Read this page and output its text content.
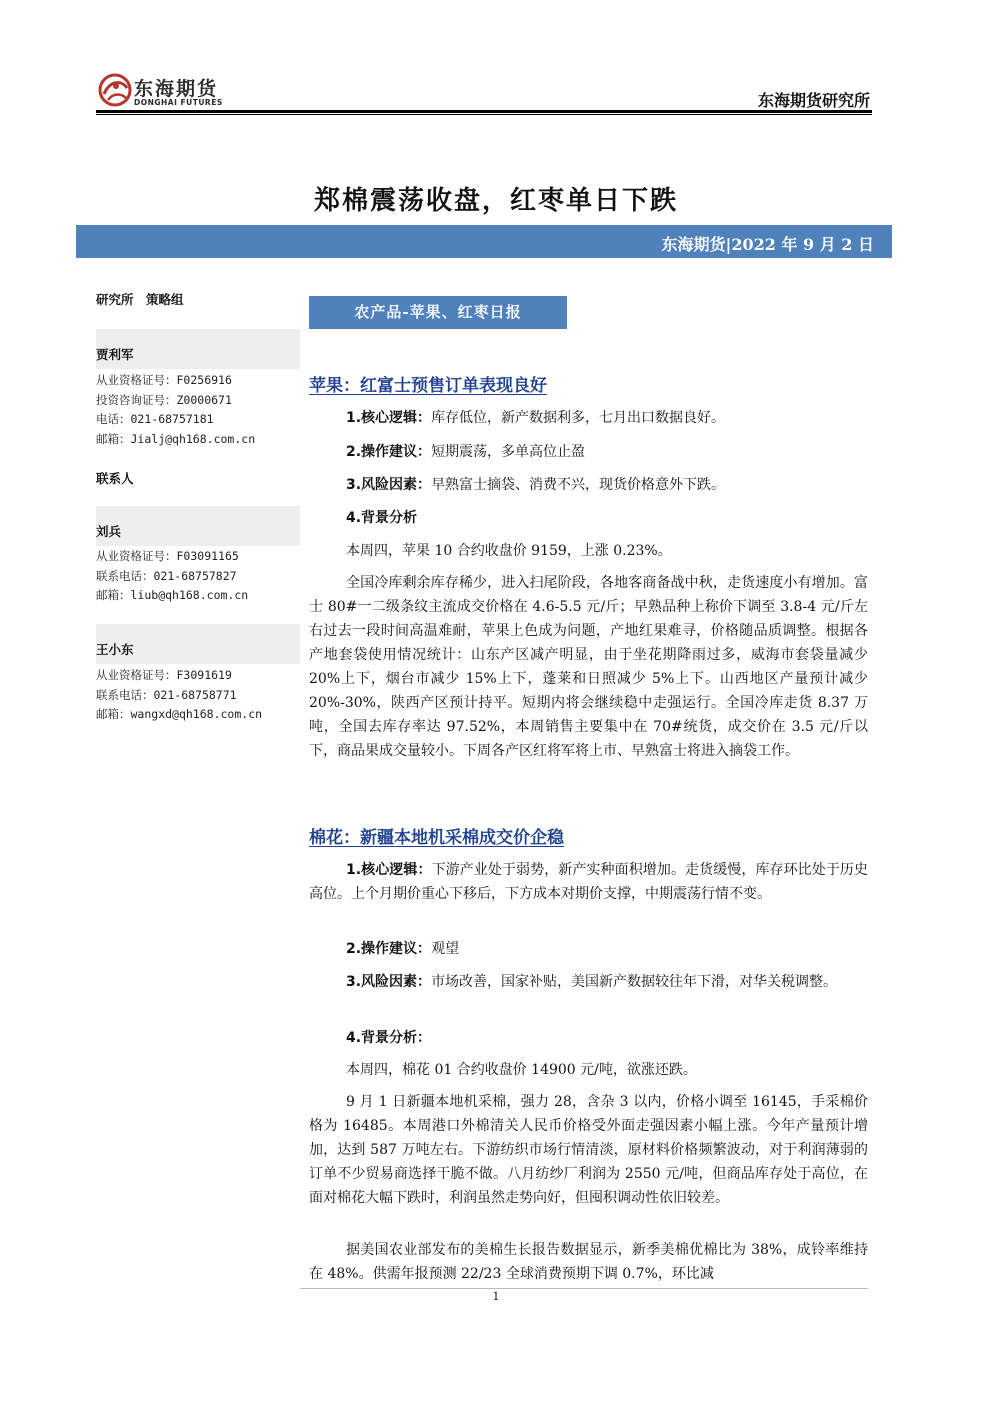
东海期货
DONGHAI FUTURES	东海期货研究所
郑棉震荡收盘，红枣单日下跌
东海期货|2022 年 9 月 2 日
研究所　策略组
贾利军
从业资格证号：F0256916
投资咨询证号：Z0000671
电话：021-68757181
邮箱：Jialj@qh168.com.cn
联系人
刘兵
从业资格证号：F03091165
联系电话：021-68757827
邮箱：liub@qh168.com.cn
王小东
从业资格证号：F3091619
联系电话：021-68758771
邮箱：wangxd@qh168.com.cn
农产品-苹果、红枣日报
苹果：红富士预售订单表现良好
1.核心逻辑：库存低位，新产数据利多，七月出口数据良好。
2.操作建议：短期震荡，多单高位止盈
3.风险因素：早熟富士摘袋、消费不兴，现货价格意外下跌。
4.背景分析
本周四，苹果 10 合约收盘价 9159，上涨 0.23%。
全国冷库剩余库存稀少，进入扫尾阶段，各地客商备战中秋，走货速度小有增加。富士 80#一二级条纹主流成交价格在 4.6-5.5 元/斤；早熟品种上称价下调至 3.8-4 元/斤左右过去一段时间高温难耐，苹果上色成为问题，产地红果难寻，价格随品质调整。根据各产地套袋使用情况统计：山东产区减产明显，由于坐花期降雨过多，威海市套袋量减少 20%上下，烟台市减少 15%上下，蓬莱和日照减少 5%上下。山西地区产量预计减少 20%-30%，陕西产区预计持平。短期内将会继续稳中走强运行。全国冷库走货 8.37 万吨，全国去库存率达 97.52%，本周销售主要集中在 70#统货，成交价在 3.5 元/斤以下，商品果成交量较小。下周各产区红将军将上市、早熟富士将进入摘袋工作。
棉花：新疆本地机采棉成交价企稳
1.核心逻辑：下游产业处于弱势，新产实种面积增加。走货缓慢，库存环比处于历史高位。上个月期价重心下移后，下方成本对期价支撑，中期震荡行情不变。
2.操作建议：观望
3.风险因素：市场改善，国家补贴，美国新产数据较往年下滑，对华关税调整。
4.背景分析：
本周四，棉花 01 合约收盘价 14900 元/吨，欲涨还跌。
9 月 1 日新疆本地机采棉，强力 28，含杂 3 以内，价格小调至 16145，手采棉价格为 16485。本周港口外棉清关人民币价格受外面走强因素小幅上涨。今年产量预计增加，达到 587 万吨左右。下游纺织市场行情清淡，原材料价格频繁波动，对于利润薄弱的订单不少贸易商选择干脆不做。八月纺纱厂利润为 2550 元/吨，但商品库存处于高位，在面对棉花大幅下跌时，利润虽然走势向好，但囤积调动性依旧较差。
据美国农业部发布的美棉生长报告数据显示，新季美棉优棉比为 38%，成铃率维持在 48%。供需年报预测 22/23 全球消费预期下调 0.7%，环比减
1
